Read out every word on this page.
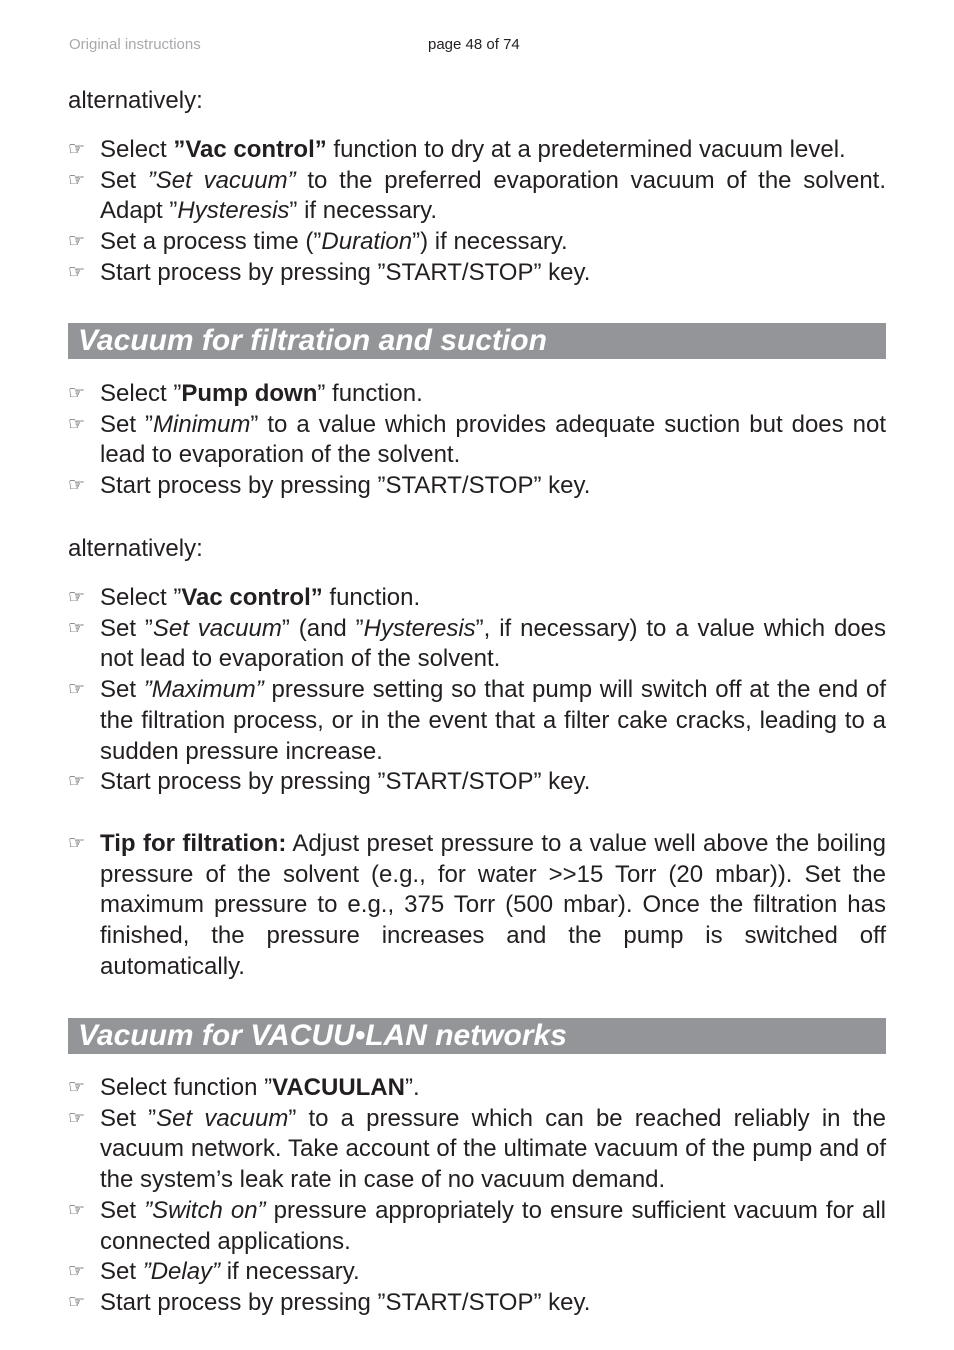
Original instructions	page 48 of 74
alternatively:
☞ Select ”Vac control” function to dry at a predetermined vacuum level.
☞ Set ”Set vacuum” to the preferred evaporation vacuum of the solvent. Adapt ”Hysteresis” if necessary.
☞ Set a process time (”Duration”) if necessary.
☞ Start process by pressing ”START/STOP” key.
Vacuum for filtration and suction
☞ Select ”Pump down” function.
☞ Set ”Minimum” to a value which provides adequate suction but does not lead to evaporation of the solvent.
☞ Start process by pressing ”START/STOP” key.
alternatively:
☞ Select ”Vac control” function.
☞ Set ”Set vacuum” (and ”Hysteresis”, if necessary) to a value which does not lead to evaporation of the solvent.
☞ Set ”Maximum” pressure setting so that pump will switch off at the end of the filtration process, or in the event that a filter cake cracks, leading to a sudden pressure increase.
☞ Start process by pressing ”START/STOP” key.
☞ Tip for filtration: Adjust preset pressure to a value well above the boiling pressure of the solvent (e.g., for water >>15 Torr (20 mbar)). Set the maximum pressure to e.g., 375 Torr (500 mbar). Once the filtration has finished, the pressure increases and the pump is switched off automatically.
Vacuum for VACUU•LAN networks
☞ Select function ”VACUULAN”.
☞ Set ”Set vacuum” to a pressure which can be reached reliably in the vacuum network. Take account of the ultimate vacuum of the pump and of the system’s leak rate in case of no vacuum demand.
☞ Set ”Switch on” pressure appropriately to ensure sufficient vacuum for all connected applications.
☞ Set ”Delay” if necessary.
☞ Start process by pressing ”START/STOP” key.
